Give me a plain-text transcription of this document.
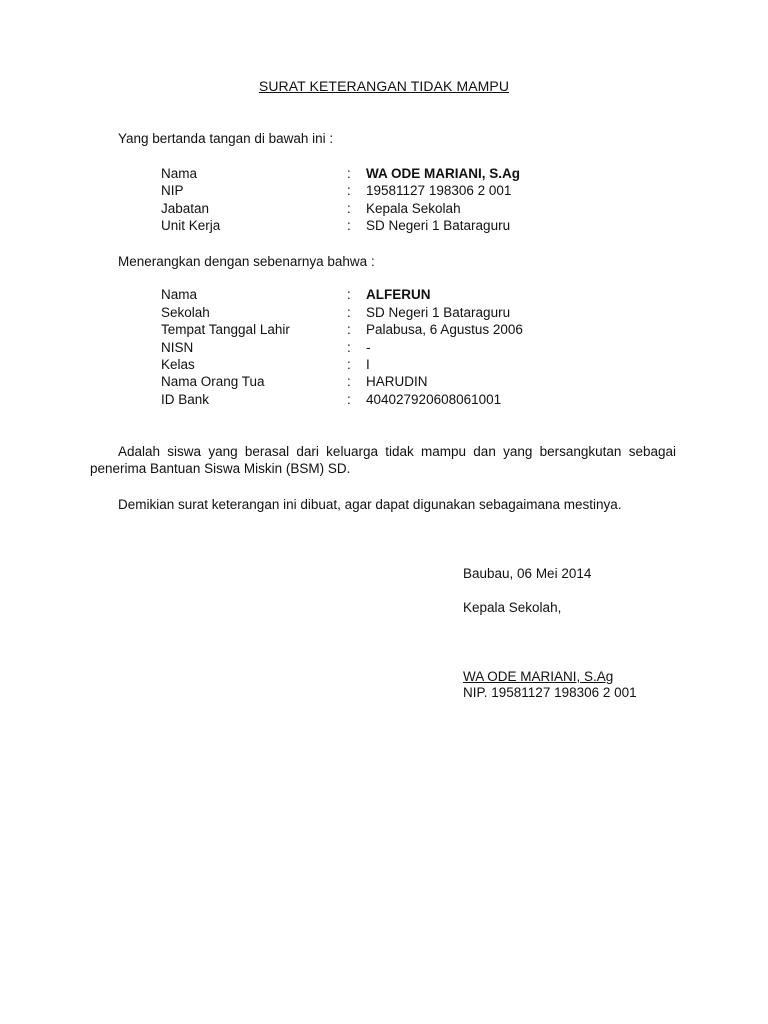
SURAT KETERANGAN TIDAK MAMPU
Yang bertanda tangan di bawah ini :
Nama	: WA ODE MARIANI, S.Ag
NIP	: 19581127 198306 2 001
Jabatan	: Kepala Sekolah
Unit Kerja	: SD Negeri 1 Bataraguru
Menerangkan dengan sebenarnya bahwa :
Nama	: ALFERUN
Sekolah	: SD Negeri 1 Bataraguru
Tempat Tanggal Lahir	: Palabusa, 6 Agustus 2006
NISN	: -
Kelas	: I
Nama Orang Tua	: HARUDIN
ID Bank	: 404027920608061001
Adalah siswa yang berasal dari keluarga tidak mampu dan yang bersangkutan sebagai penerima Bantuan Siswa Miskin (BSM) SD.
Demikian surat keterangan ini dibuat, agar dapat digunakan sebagaimana mestinya.
Baubau, 06 Mei 2014
Kepala Sekolah,
WA ODE MARIANI, S.Ag
NIP. 19581127 198306 2 001
